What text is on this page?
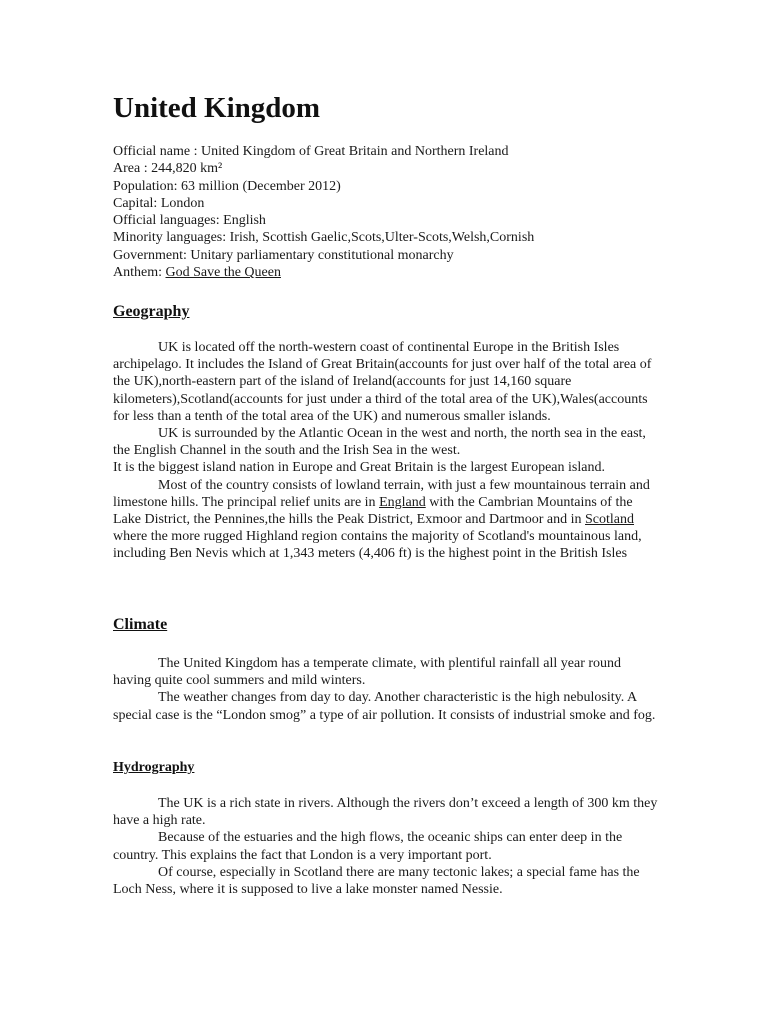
United Kingdom
Official name : United Kingdom of Great Britain and Northern Ireland
Area : 244,820 km²
Population: 63 million (December 2012)
Capital: London
Official languages: English
Minority languages: Irish, Scottish Gaelic,Scots,Ulter-Scots,Welsh,Cornish
Government: Unitary parliamentary constitutional monarchy
Anthem: God Save the Queen
Geography

UK is located off the north-western coast of continental Europe in the British Isles archipelago. It includes the Island of Great Britain(accounts for just over half of the total area of the UK),north-eastern part of the island of Ireland(accounts for just 14,160 square kilometers),Scotland(accounts for just under a third of the total area of the UK),Wales(accounts for less than a tenth of the total area of the UK) and numerous smaller islands.

UK is surrounded by the Atlantic Ocean in the west and north, the north sea in the east, the English Channel in the south and the Irish Sea in the west.

It is the biggest island nation in Europe and Great Britain is the largest European island.

Most of the country consists of lowland terrain, with just a few mountainous terrain and limestone hills. The principal relief units are in England with the Cambrian Mountains of the Lake District, the Pennines,the hills the Peak District, Exmoor and Dartmoor and in Scotland where the more rugged Highland region contains the majority of Scotland's mountainous land, including Ben Nevis which at 1,343 meters (4,406 ft) is the highest point in the British Isles

Climate

The United Kingdom has a temperate climate, with plentiful rainfall all year round having quite cool summers and mild winters.

The weather changes from day to day. Another characteristic is the high nebulosity. A special case is the “London smog” a type of air pollution. It consists of industrial smoke and fog.

Hydrography

The UK is a rich state in rivers. Although the rivers don’t exceed a length of 300 km they have a high rate.

Because of the estuaries and the high flows, the oceanic ships can enter deep in the country. This explains the fact that London is a very important port.

Of course, especially in Scotland there are many tectonic lakes; a special fame has the Loch Ness, where it is supposed to live a lake monster named Nessie.
